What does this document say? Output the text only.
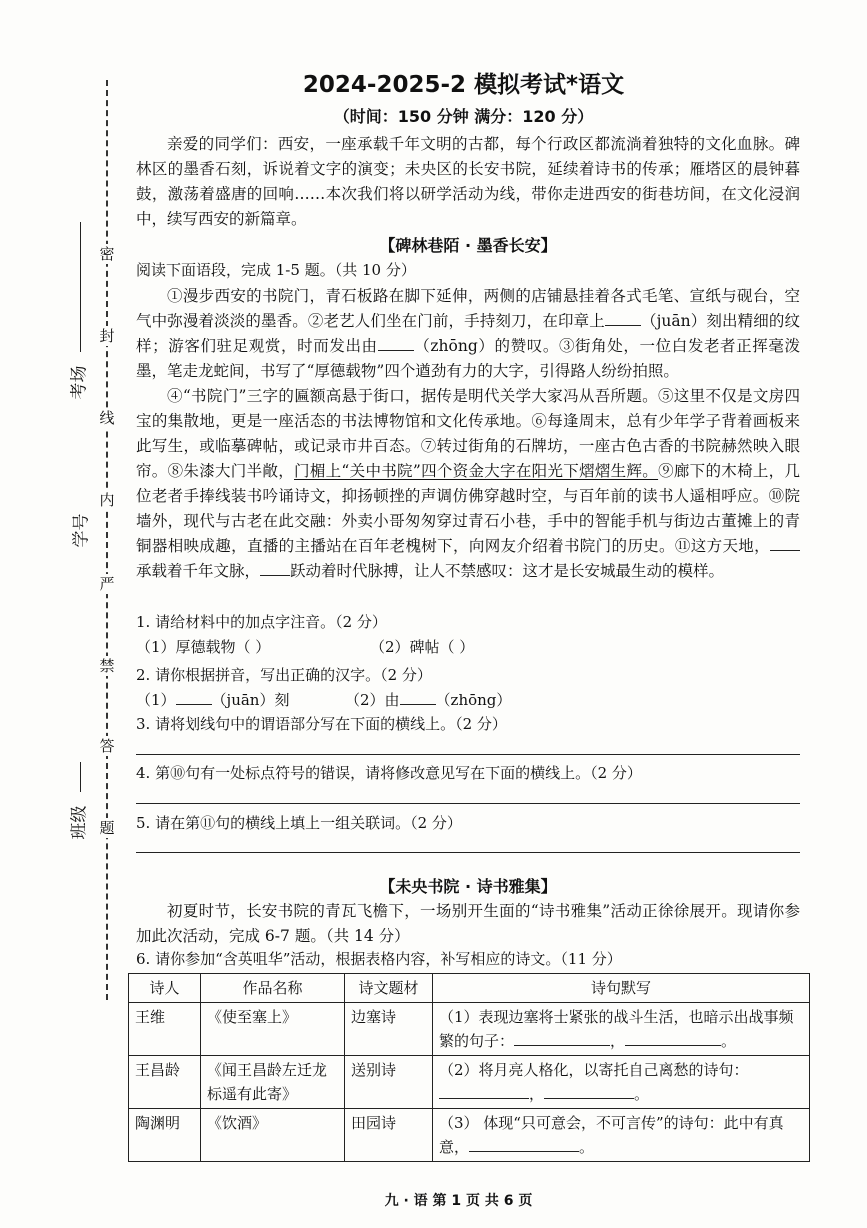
密
封
线
内
严
禁
答
题
考场
学号
班级
2024-2025-2 模拟考试*语文
（时间：150 分钟 满分：120 分）
亲爱的同学们：西安，一座承载千年文明的古都，每个行政区都流淌着独特的文化血脉。碑林区的墨香石刻，诉说着文字的演变；未央区的长安书院，延续着诗书的传承；雁塔区的晨钟暮鼓，激荡着盛唐的回响……本次我们将以研学活动为线，带你走进西安的街巷坊间，在文化浸润中，续写西安的新篇章。
【碑林巷陌 · 墨香长安】
阅读下面语段，完成 1-5 题。（共 10 分）
①漫步西安的书院门，青石板路在脚下延伸，两侧的店铺悬挂着各式毛笔、宣纸与砚台，空气中弥漫着淡淡的墨香。②老艺人们坐在门前，手持刻刀，在印章上 （juān）刻出精细的纹样；游客们驻足观赏，时而发出由 （zhōng）的赞叹。③街角处，一位白发老者正挥毫泼墨，笔走龙蛇间，书写了“厚德载物”四个遒劲有力的大字，引得路人纷纷拍照。
④“书院门”三字的匾额高悬于街口，据传是明代关学大家冯从吾所题。⑤这里不仅是文房四宝的集散地，更是一座活态的书法博物馆和文化传承地。⑥每逢周末，总有少年学子背着画板来此写生，或临摹碑帖，或记录市井百态。⑦转过街角的石牌坊，一座古色古香的书院赫然映入眼帘。⑧朱漆大门半敞，门楣上“关中书院”四个资金大字在阳光下熠熠生辉。⑨廊下的木椅上，几位老者手捧线装书吟诵诗文，抑扬顿挫的声调仿佛穿越时空，与百年前的读书人遥相呼应。⑩院墙外，现代与古老在此交融：外卖小哥匆匆穿过青石小巷，手中的智能手机与街边古董摊上的青铜器相映成趣，直播的主播站在百年老槐树下，向网友介绍着书院门的历史。⑪这方天地，承载着千年文脉， 跃动着时代脉搏，让人不禁感叹：这才是长安城最生动的模样。
1. 请给材料中的加点字注音。（2 分）
（1）厚德载物（ ）	（2）碑帖（ ）
2. 请你根据拼音，写出正确的汉字。（2 分）
（1） （juān）刻	（2）由 （zhōng）
3. 请将划线句中的谓语部分写在下面的横线上。（2 分）
4. 第⑩句有一处标点符号的错误，请将修改意见写在下面的横线上。（2 分）
5. 请在第⑪句的横线上填上一组关联词。（2 分）
【未央书院 · 诗书雅集】
初夏时节，长安书院的青瓦飞檐下，一场别开生面的“诗书雅集”活动正徐徐展开。现请你参加此次活动，完成 6-7 题。（共 14 分）
6. 请你参加“含英咀华”活动，根据表格内容，补写相应的诗文。（11 分）
诗人	作品名称	诗文题材	诗句默写
王维	《使至塞上》	边塞诗	（1）表现边塞将士紧张的战斗生活，也暗示出战事频繁的句子： ， 。
王昌龄	《闻王昌龄左迁龙标遥有此寄》	送别诗	（2）将月亮人格化，以寄托自己离愁的诗句：， 。
陶渊明	《饮酒》	田园诗	（3） 体现“只可意会，不可言传”的诗句：此中有真意， 。
九 · 语 第 1 页 共 6 页
